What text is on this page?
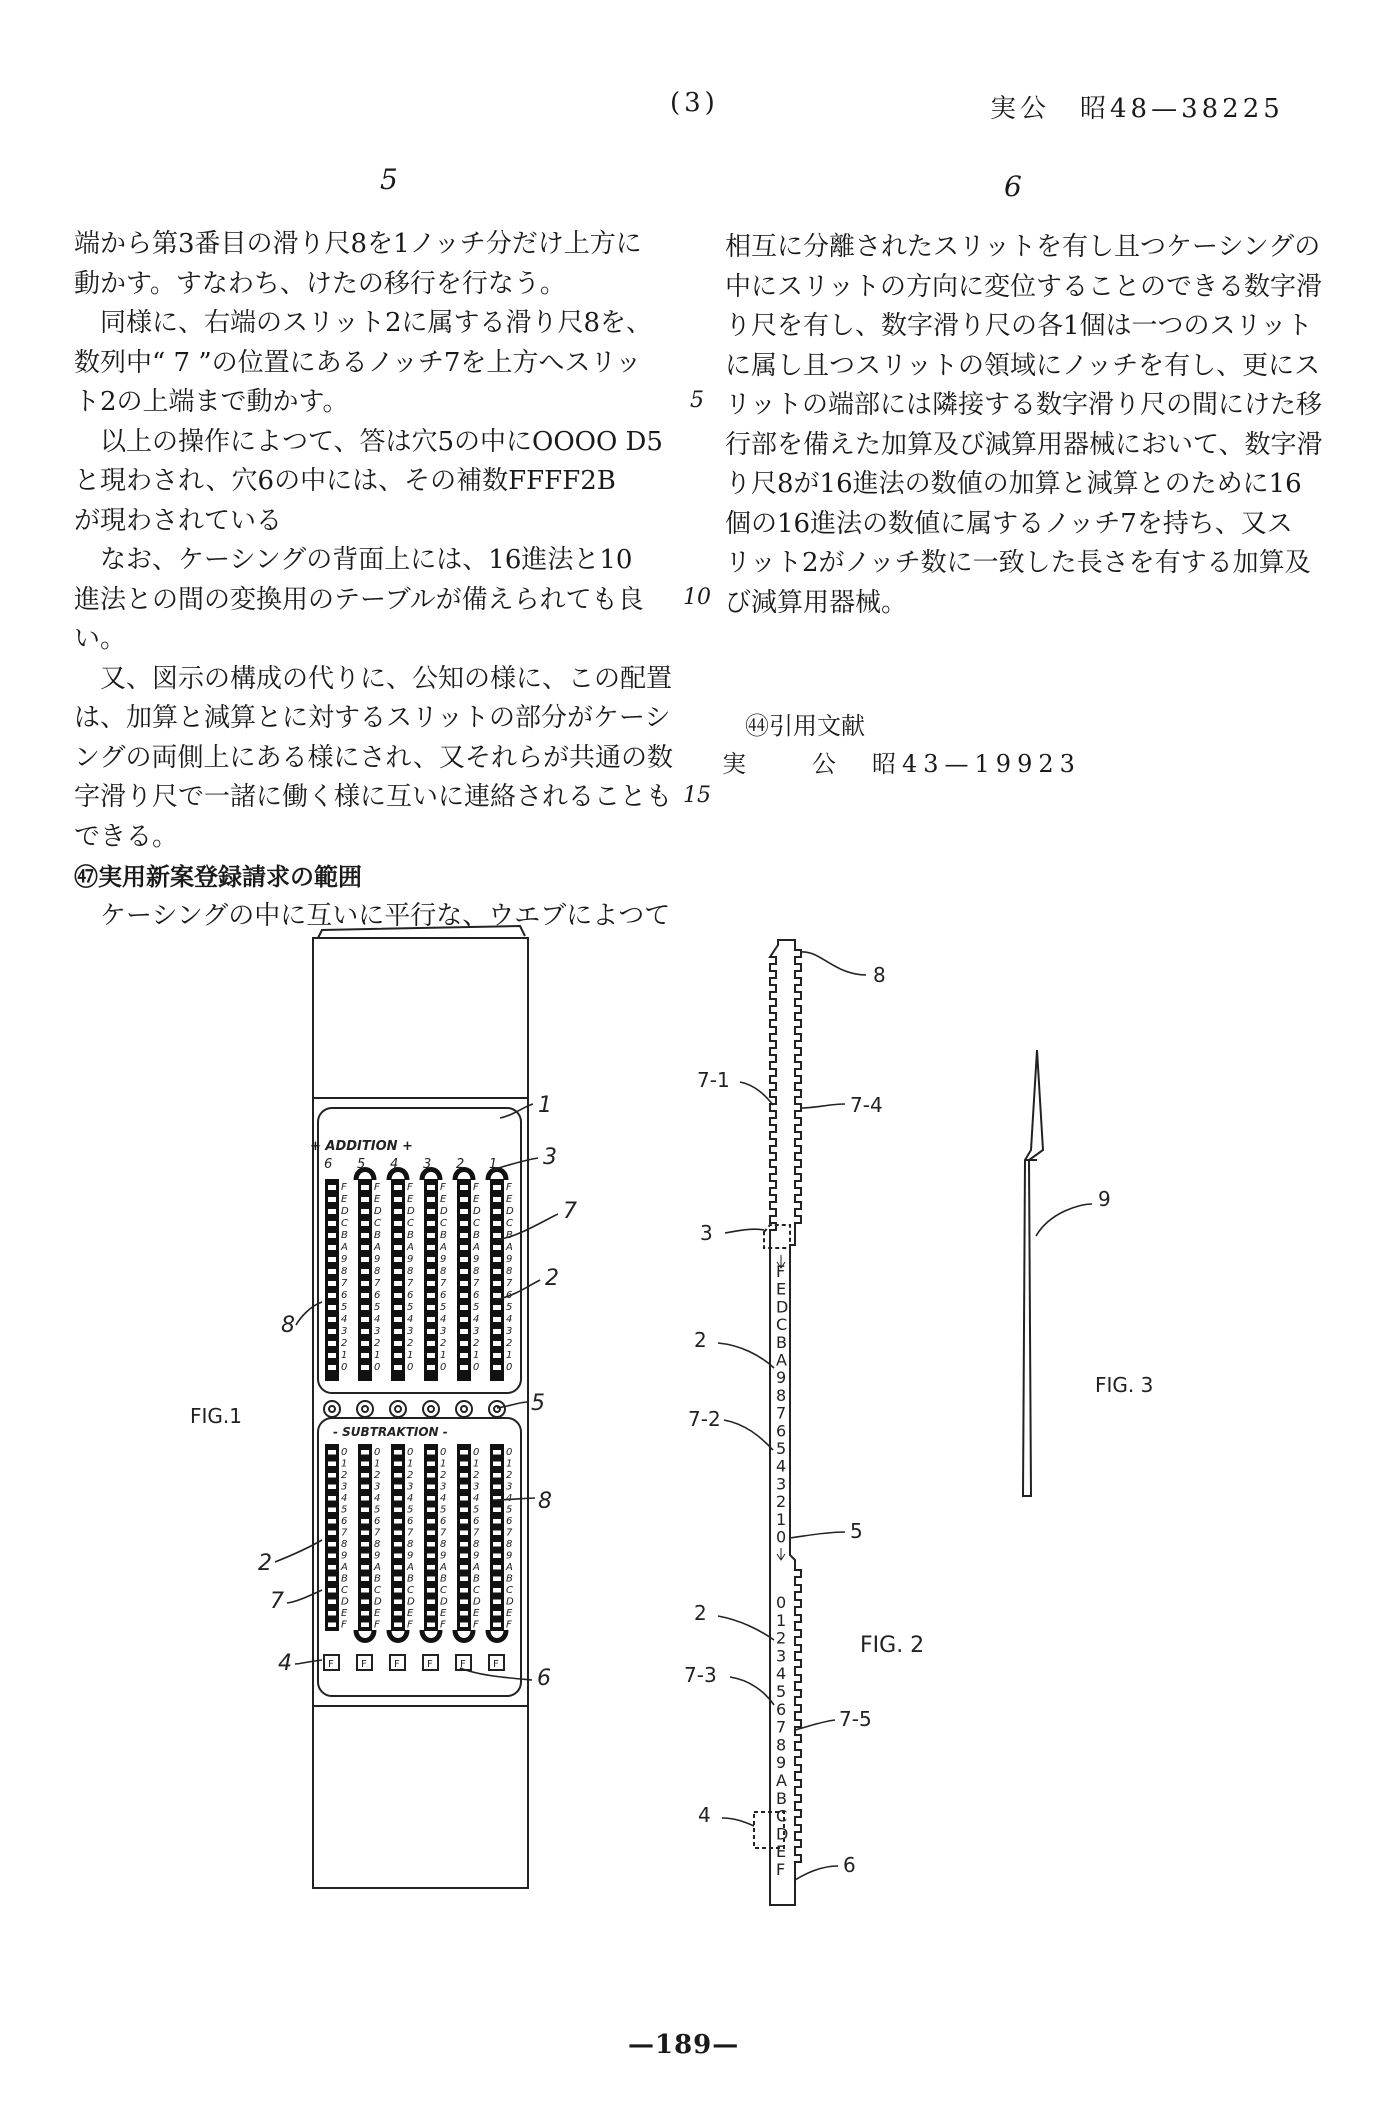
(3)	実公　昭48—38225
5	6

端から第3番目の滑り尺8を1ノッチ分だけ上方に

動かす。すなわち、けたの移行を行なう。

　同様に、右端のスリット2に属する滑り尺8を、

数列中“ 7 ”の位置にあるノッチ7を上方へスリッ

ト2の上端まで動かす。

　以上の操作によつて、答は穴5の中にOOOO D5

と現わされ、穴6の中には、その補数FFFF2B

が現わされている

　なお、ケーシングの背面上には、16進法と10

進法との間の変換用のテーブルが備えられても良い。

　又、図示の構成の代りに、公知の様に、この配置

は、加算と減算とに対するスリットの部分がケーシ

ングの両側上にある様にされ、又それらが共通の数

字滑り尺で一諸に働く様に互いに連絡されることも

できる。

㊼実用新案登録請求の範囲

　ケーシングの中に互いに平行な、ウエブによつて

5
10
15

相互に分離されたスリットを有し且つケーシングの

中にスリットの方向に変位することのできる数字滑

り尺を有し、数字滑り尺の各1個は一つのスリット

に属し且つスリットの領域にノッチを有し、更にス

リットの端部には隣接する数字滑り尺の間にけた移

行部を備えた加算及び減算用器械において、数字滑

り尺8が16進法の数値の加算と減算とのために16

個の16進法の数値に属するノッチ7を持ち、又ス

リット2がノッチ数に一致した長さを有する加算及

び減算用器械。

㊹引用文献
実　　公　昭43—19923
6
F
E
D
C
B
A
9
8
7
6
5
4
3
2
1
0
0
1
2
3
4
5
6
7
8
9
A
B
C
D
E
F
5
F
E
D
C
B
A
9
8
7
6
5
4
3
2
1
0
0
1
2
3
4
5
6
7
8
9
A
B
C
D
E
F
4
F
E
D
C
B
A
9
8
7
6
5
4
3
2
1
0
0
1
2
3
4
5
6
7
8
9
A
B
C
D
E
F
3
F
E
D
C
B
A
9
8
7
6
5
4
3
2
1
0
0
1
2
3
4
5
6
7
8
9
A
B
C
D
E
F
2
F
E
D
C
B
A
9
8
7
6
5
4
3
2
1
0
0
1
2
3
4
5
6
7
8
9
A
B
C
D
E
F
1
F
E
D
C
B
A
9
8
7
6
5
4
3
2
1
0
0
1
2
3
4
5
6
7
8
9
A
B
C
D
E
F
F	F	F	F	F	F
+ ADDITION +
- SUBTRAKTION -
FIG.1
1
3
7
2
8
5
8
2
7
4
6
F
E
D
C
B
A
9
8
7
6
5
4
3
2
1
0
0
1
2
3
4
5
6
7
8
9
A
B
C
D
E
F
FIG. 2
8
7-1
7-4
3
2
7-2
5
2
7-3
7-5
4
6
9
FIG. 3
—189—
